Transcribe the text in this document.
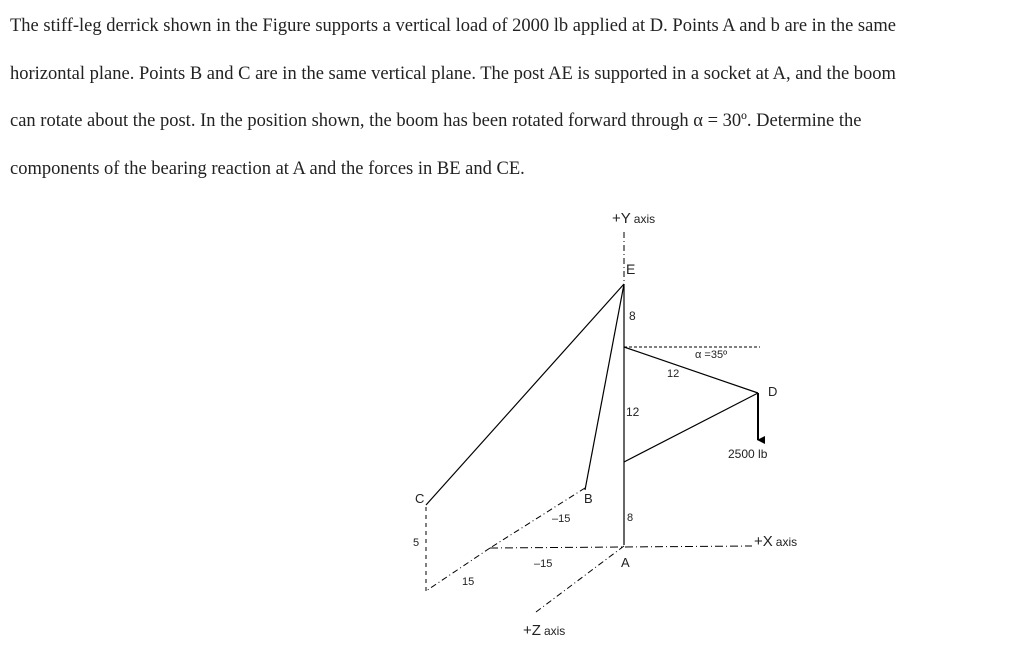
The stiff-leg derrick shown in the Figure supports a vertical load of 2000 lb applied at D. Points A and b are in the same

horizontal plane. Points B and C are in the same vertical plane. The post AE is supported in a socket at A, and the boom

can rotate about the post. In the position shown, the boom has been rotated forward through α = 30º. Determine the

components of the bearing reaction at A and the forces in BE and CE.

+Y axis
+X axis
+Z axis
E
D
B
C
A
8
12
8
12
–15
–15
5
15
α =35º
2500 lb
